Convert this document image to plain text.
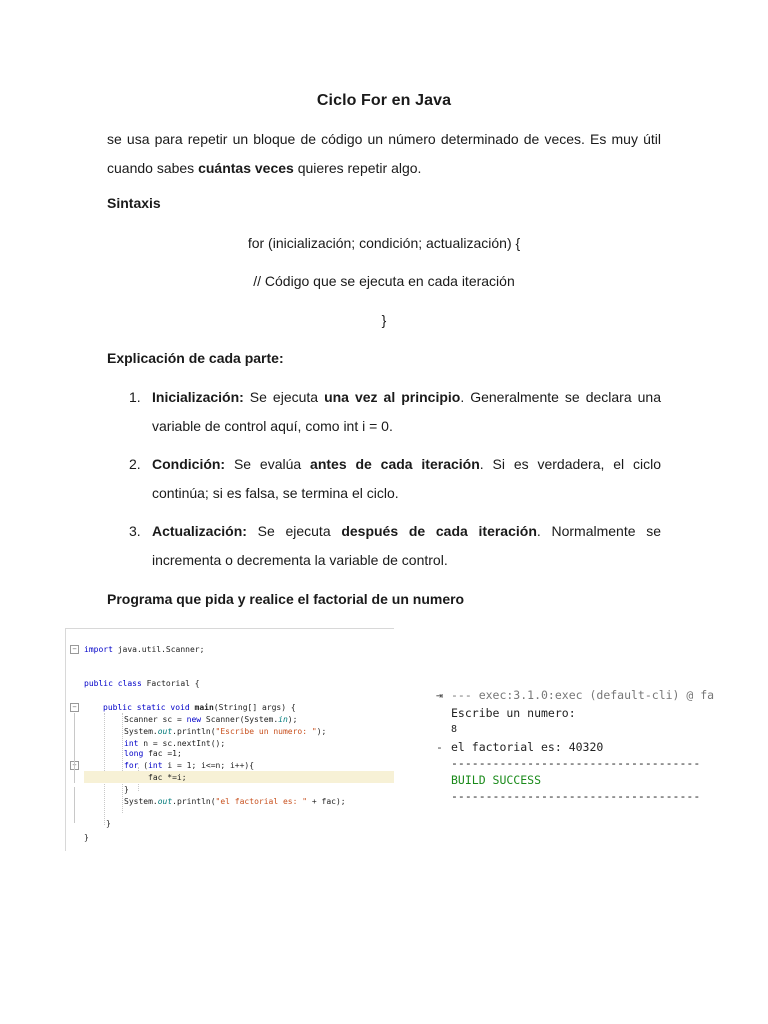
Ciclo For en Java
se usa para repetir un bloque de código un número determinado de veces. Es muy útil
cuando sabes cuántas veces quieres repetir algo.
Sintaxis
for (inicialización; condición; actualización) {
// Código que se ejecuta en cada iteración
}
Explicación de cada parte:
1. Inicialización: Se ejecuta una vez al principio. Generalmente se declara una variable de control aquí, como int i = 0.
2. Condición: Se evalúa antes de cada iteración. Si es verdadera, el ciclo continúa; si es falsa, se termina el ciclo.
3. Actualización: Se ejecuta después de cada iteración. Normalmente se incrementa o decrementa la variable de control.
Programa que pida y realice el factorial de un numero
−
−
−
import java.util.Scanner;
public class Factorial {
public static void main(String[] args) {
Scanner sc = new Scanner(System.in);
System.out.println("Escribe un numero: ");
int n = sc.nextInt();
long fac =1;
for (int i = 1; i<=n; i++){
fac *=i;
}
System.out.println("el factorial es: " + fac);
}
}
⇥
-
--- exec:3.1.0:exec (default-cli) @ fa
Escribe un numero:
8
el factorial es: 40320
------------------------------------
BUILD SUCCESS
------------------------------------
